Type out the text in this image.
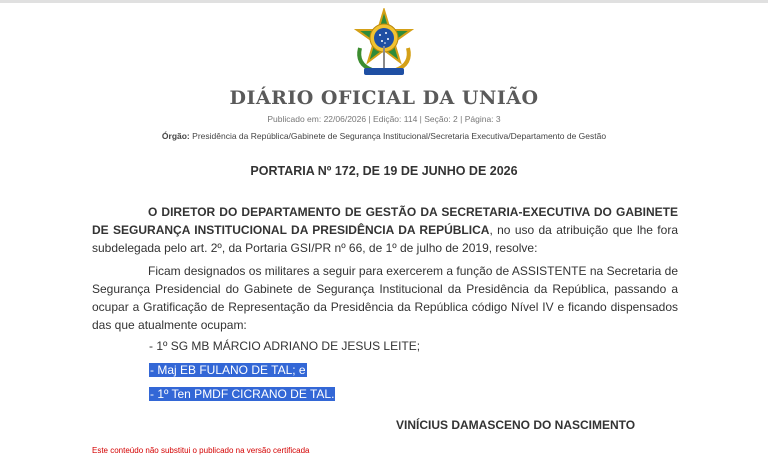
DIÁRIO OFICIAL DA UNIÃO
Publicado em: 22/06/2026 | Edição: 114 | Seção: 2 | Página: 3
Órgão: Presidência da República/Gabinete de Segurança Institucional/Secretaria Executiva/Departamento de Gestão
PORTARIA Nº 172, DE 19 DE JUNHO DE 2026
O DIRETOR DO DEPARTAMENTO DE GESTÃO DA SECRETARIA-EXECUTIVA DO GABINETE DE SEGURANÇA INSTITUCIONAL DA PRESIDÊNCIA DA REPÚBLICA, no uso da atribuição que lhe fora subdelegada pelo art. 2º, da Portaria GSI/PR nº 66, de 1º de julho de 2019, resolve:
Ficam designados os militares a seguir para exercerem a função de ASSISTENTE na Secretaria de Segurança Presidencial do Gabinete de Segurança Institucional da Presidência da República, passando a ocupar a Gratificação de Representação da Presidência da República código Nível IV e ficando dispensados das que atualmente ocupam:
- 1º SG MB MÁRCIO ADRIANO DE JESUS LEITE;
- Maj EB FULANO DE TAL; e
- 1º Ten PMDF CICRANO DE TAL.
VINÍCIUS DAMASCENO DO NASCIMENTO
Este conteúdo não substitui o publicado na versão certificada
